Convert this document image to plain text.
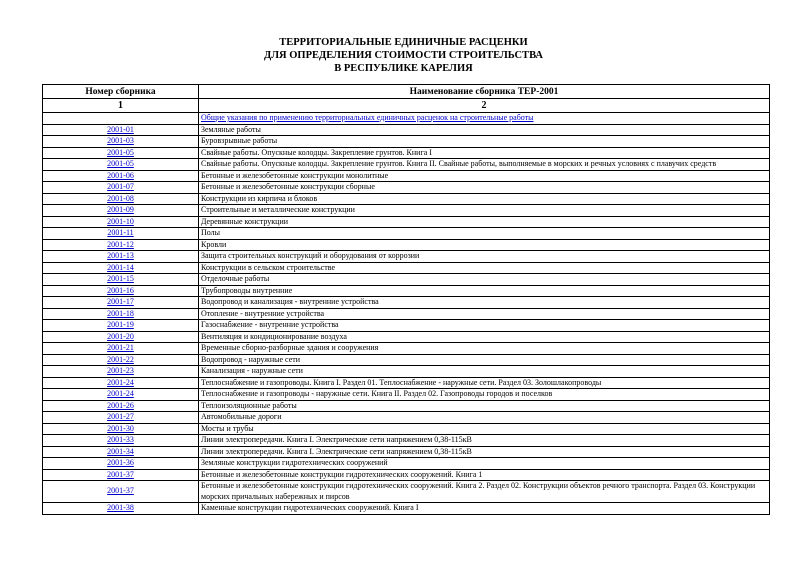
ТЕРРИТОРИАЛЬНЫЕ ЕДИНИЧНЫЕ РАСЦЕНКИ
ДЛЯ ОПРЕДЕЛЕНИЯ СТОИМОСТИ СТРОИТЕЛЬСТВА
В РЕСПУБЛИКЕ КАРЕЛИЯ
Номер сборника	Наименование сборника ТЕР-2001
1	2
	Общие указания по применению территориальных единичных расценок на строительные работы
2001-01	Земляные работы
2001-03	Буровзрывные работы
2001-05	Свайные работы. Опускные колодцы. Закрепление грунтов. Книга I
2001-05	Свайные работы. Опускные колодцы. Закрепление грунтов. Книга II. Свайные работы, выполняемые в морских и речных условиях с плавучих средств
2001-06	Бетонные и железобетонные конструкции монолитные
2001-07	Бетонные и железобетонные конструкции сборные
2001-08	Конструкции из кирпича и блоков
2001-09	Строительные и металлические конструкции
2001-10	Деревянные конструкции
2001-11	Полы
2001-12	Кровли
2001-13	Защита строительных конструкций и оборудования от коррозии
2001-14	Конструкции в сельском строительстве
2001-15	Отделочные работы
2001-16	Трубопроводы внутренние
2001-17	Водопровод и канализация - внутренние устройства
2001-18	Отопление - внутренние устройства
2001-19	Газоснабжение - внутренние устройства
2001-20	Вентиляция и кондиционирование воздуха
2001-21	Временные сборно-разборные здания и сооружения
2001-22	Водопровод - наружные сети
2001-23	Канализация - наружные сети
2001-24	Теплоснабжение и газопроводы. Книга I. Раздел 01. Теплоснабжение - наружные сети. Раздел 03. Золошлакопроводы
2001-24	Теплоснабжение и газопроводы - наружные сети. Книга II. Раздел 02. Газопроводы городов и поселков
2001-26	Теплоизоляционные работы
2001-27	Автомобильные дороги
2001-30	Мосты и трубы
2001-33	Линии электропередачи. Книга I. Электрические сети напряжением 0,38-115кВ
2001-34	Линии электропередачи. Книга I. Электрические сети напряжением 0,38-115кВ
2001-36	Земляные конструкции гидротехнических сооружений
2001-37	Бетонные и железобетонные конструкции гидротехнических сооружений. Книга 1
2001-37	Бетонные и железобетонные конструкции гидротехнических сооружений. Книга 2. Раздел 02. Конструкции объектов речного транспорта. Раздел 03. Конструкции морских причальных набережных и пирсов
2001-38	Каменные конструкции гидротехнических сооружений. Книга I
